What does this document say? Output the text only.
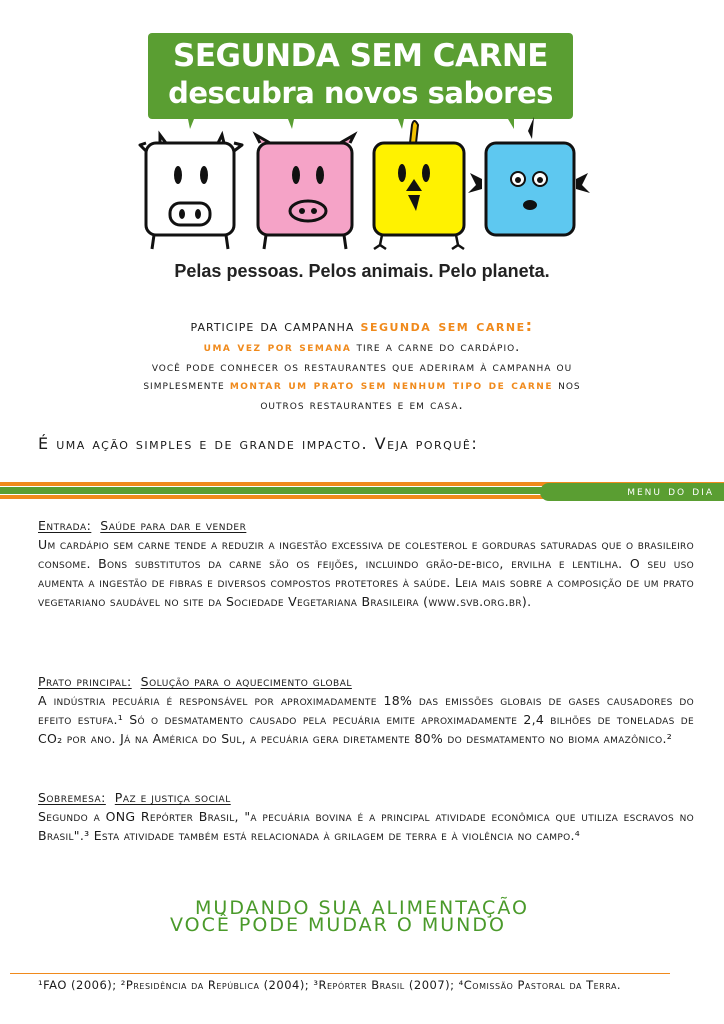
SEGUNDA SEM CARNE
descubra novos sabores
Pelas pessoas. Pelos animais. Pelo planeta.
participe da campanha segunda sem carne:
uma vez por semana tire a carne do cardápio.
você pode conhecer os restaurantes que aderiram à campanha ou
simplesmente montar um prato sem nenhum tipo de carne nos
outros restaurantes e em casa.
É uma ação simples e de grande impacto. Veja porquê:
menu do dia
Entrada: Saúde para dar e vender
Um cardápio sem carne tende a reduzir a ingestão excessiva de colesterol e gorduras saturadas que o brasileiro consome. Bons substitutos da carne são os feijões, incluindo grão-de-bico, ervilha e lentilha. O seu uso aumenta a ingestão de fibras e diversos compostos protetores à saúde. Leia mais sobre a composição de um prato vegetariano saudável no site da Sociedade Vegetariana Brasileira (www.svb.org.br).
Prato principal: Solução para o aquecimento global
A indústria pecuária é responsável por aproximadamente 18% das emissões globais de gases causadores do efeito estufa.¹ Só o desmatamento causado pela pecuária emite aproximadamente 2,4 bilhões de toneladas de CO₂ por ano. Já na América do Sul, a pecuária gera diretamente 80% do desmatamento no bioma amazônico.²
Sobremesa: Paz e justiça social
Segundo a ONG Repórter Brasil, "a pecuária bovina é a principal atividade econômica que utiliza escravos no Brasil".³ Esta atividade também está relacionada à grilagem de terra e à violência no campo.⁴
MUDANDO SUA ALIMENTAÇÃO
VOCÊ PODE MUDAR O MUNDO
¹FAO (2006); ²Presidência da República (2004); ³Repórter Brasil (2007); ⁴Comissão Pastoral da Terra.
